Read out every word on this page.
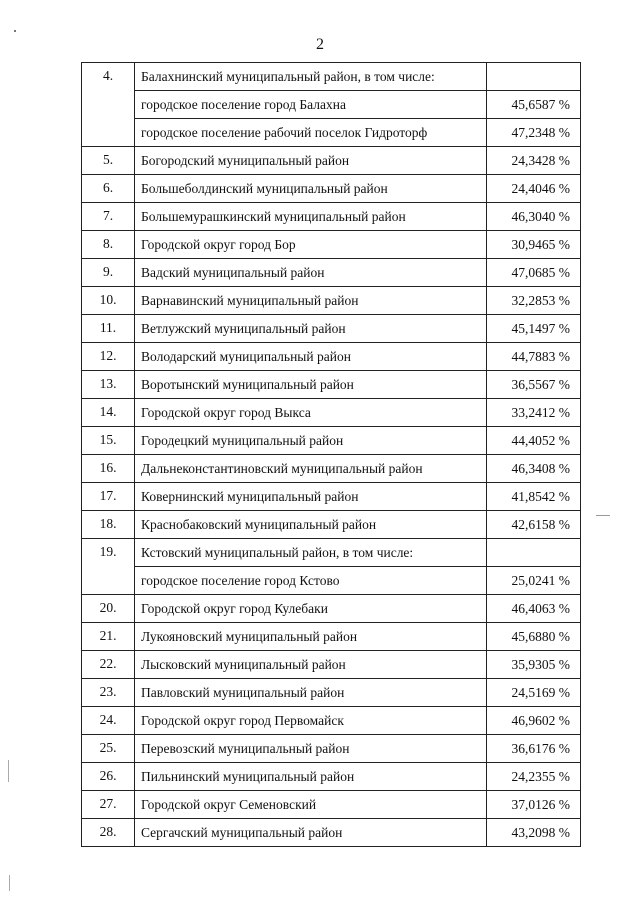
2
4.	Балахнинский муниципальный район, в том числе:	
	городское поселение город Балахна	45,6587 %
	городское поселение рабочий поселок Гидроторф	47,2348 %
5.	Богородский муниципальный район	24,3428 %
6.	Большеболдинский муниципальный район	24,4046 %
7.	Большемурашкинский муниципальный район	46,3040 %
8.	Городской округ город Бор	30,9465 %
9.	Вадский муниципальный район	47,0685 %
10.	Варнавинский муниципальный район	32,2853 %
11.	Ветлужский муниципальный район	45,1497 %
12.	Володарский муниципальный район	44,7883 %
13.	Воротынский муниципальный район	36,5567 %
14.	Городской округ город Выкса	33,2412 %
15.	Городецкий муниципальный район	44,4052 %
16.	Дальнеконстантиновский муниципальный район	46,3408 %
17.	Ковернинский муниципальный район	41,8542 %
18.	Краснобаковский муниципальный район	42,6158 %
19.	Кстовский муниципальный район, в том числе:	
	городское поселение город Кстово	25,0241 %
20.	Городской округ город Кулебаки	46,4063 %
21.	Лукояновский муниципальный район	45,6880 %
22.	Лысковский муниципальный район	35,9305 %
23.	Павловский муниципальный район	24,5169 %
24.	Городской округ город Первомайск	46,9602 %
25.	Перевозский муниципальный район	36,6176 %
26.	Пильнинский муниципальный район	24,2355 %
27.	Городской округ Семеновский	37,0126 %
28.	Сергачский муниципальный район	43,2098 %
